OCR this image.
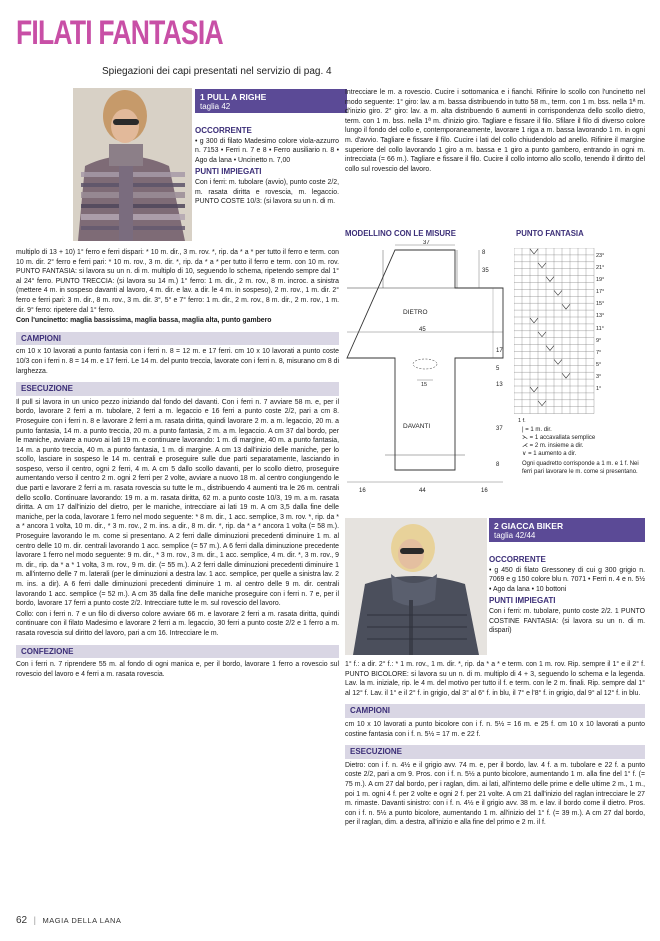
FILATI FANTASIA
Spiegazioni dei capi presentati nel servizio di pag. 4
1 PULL A RIGHE
taglia 42
OCCORRENTE

• g 300 di filato Madesimo colore viola-azzurro n. 7153 • Ferri n. 7 e 8 • Ferro ausiliario n. 8 • Ago da lana • Uncinetto n. 7,00

PUNTI IMPIEGATI

Con i ferri: m. tubolare (avvio), punto coste 2/2, m. rasata diritta e rovescia, m. legaccio. PUNTO COSTE 10/3: (si lavora su un n. di m.

multiplo di 13 + 10) 1° ferro e ferri dispari: * 10 m. dir., 3 m. rov. *, rip. da * a * per tutto il ferro e term. con 10 m. dir. 2° ferro e ferri pari: * 10 m. rov., 3 m. dir. *, rip. da * a * per tutto il ferro e term. con 10 m. rov. PUNTO FANTASIA: si lavora su un n. di m. multiplo di 10, seguendo lo schema, ripetendo sempre dal 1° al 24° ferro. PUNTO TRECCIA: (si lavora su 14 m.) 1° ferro: 1 m. dir., 2 m. rov., 8 m. incroc. a sinistra (mettere 4 m. in sospeso davanti al lavoro, 4 m. dir. e lav. a dir. le 4 m. in sospeso), 2 m. rov., 1 m. dir. 2° ferro e ferri pari: 3 m. dir., 8 m. rov., 3 m. dir. 3°, 5° e 7° ferro: 1 m. dir., 2 m. rov., 8 m. dir., 2 m. rov., 1 m. dir. 9° ferro: ripetere dal 1° ferro.

Con l'uncinetto: maglia bassissima, maglia bassa, maglia alta, punto gambero

CAMPIONI

cm 10 x 10 lavorati a punto fantasia con i ferri n. 8 = 12 m. e 17 ferri. cm 10 x 10 lavorati a punto coste 10/3 con i ferri n. 8 = 14 m. e 17 ferri. Le 14 m. del punto treccia, lavorate con i ferri n. 8, misurano cm 8 di larghezza.

ESECUZIONE

Il pull si lavora in un unico pezzo iniziando dal fondo del davanti. Con i ferri n. 7 avviare 58 m. e, per il bordo, lavorare 2 ferri a m. tubolare, 2 ferri a m. legaccio e 16 ferri a punto coste 2/2, pari a cm 8. Proseguire con i ferri n. 8 e lavorare 2 ferri a m. rasata diritta, quindi lavorare 2 m. a m. legaccio, 20 m. a punto fantasia, 14 m. a punto treccia, 20 m. a punto fantasia, 2 m. a m. legaccio. A cm 37 dal bordo, per le maniche, avviare a nuovo ai lati 19 m. e continuare lavorando: 1 m. di margine, 40 m. a punto fantasia, 14 m. a punto treccia, 40 m. a punto fantasia, 1 m. di margine. A cm 13 dall'inizio delle maniche, per lo scollo, lasciare in sospeso le 14 m. centrali e proseguire sulle due parti separatamente, lasciando in sospeso, verso il centro, ogni 2 ferri, 4 m. A cm 5 dallo scollo davanti, per lo scollo dietro, proseguire aumentando verso il centro 2 m. ogni 2 ferri per 2 volte, avviare a nuovo 18 m. al centro congiungendo le due parti e lavorare 2 ferri a m. rasata rovescia su tutte le m., distribuendo 4 aumenti tra le 26 m. centrali dello scollo. Continuare lavorando: 19 m. a m. rasata diritta, 62 m. a punto coste 10/3, 19 m. a m. rasata diritta. A cm 17 dall'inizio del dietro, per le maniche, intrecciare ai lati 19 m. A cm 3,5 dalla fine delle maniche, per la coda, lavorare 1 ferro nel modo seguente: * 8 m. dir., 1 acc. semplice, 3 m. rov. *, rip. da * a * ancora 1 volta, 10 m. dir., * 3 m. rov., 2 m. ins. a dir., 8 m. dir. *, rip. da * a * ancora 1 volta (= 58 m.). Proseguire lavorando le m. come si presentano. A 2 ferri dalle diminuzioni precedenti diminuire 1 m. al centro delle 10 m. dir. centrali lavorando 1 acc. semplice (= 57 m.). A 6 ferri dalla diminuzione precedente lavorare 1 ferro nel modo seguente: 9 m. dir., * 3 m. rov., 3 m. dir., 1 acc. semplice, 4 m. dir. *, 3 m. rov., 9 m. dir., rip. da * a * 1 volta, 3 m. rov., 9 m. dir. (= 55 m.). A 2 ferri dalle diminuzioni precedenti diminuire 1 m. all'interno delle 7 m. laterali (per le diminuzioni a destra lav. 1 acc. semplice, per quelle a sinistra lav. 2 m. ins. a dir). A 6 ferri dalle diminuzioni precedenti diminuire 1 m. al centro delle 9 m. dir. centrali lavorando 1 acc. semplice (= 52 m.). A cm 35 dalla fine delle maniche proseguire con i ferri n. 7 e, per il bordo, lavorare 17 ferri a punto coste 2/2. Intrecciare tutte le m. sul rovescio del lavoro.

Collo: con i ferri n. 7 e un filo di diverso colore avviare 66 m. e lavorare 2 ferri a m. rasata diritta, quindi continuare con il filato Madesimo e lavorare 2 ferri a m. legaccio, 30 ferri a punto coste 2/2 e 1 ferro a m. rasata rovescia sul diritto del lavoro, pari a cm 16. Intrecciare le m.

CONFEZIONE

Con i ferri n. 7 riprendere 55 m. al fondo di ogni manica e, per il bordo, lavorare 1 ferro a rovescio sul rovescio del lavoro e 4 ferri a m. rasata rovescia.

Intrecciare le m. a rovescio. Cucire i sottomanica e i fianchi. Rifinire lo scollo con l'uncinetto nel modo seguente: 1° giro: lav. a m. bassa distribuendo in tutto 58 m., term. con 1 m. bss. nella 1ª m. d'inizio giro. 2° giro: lav. a m. alta distribuendo 6 aumenti in corrispondenza dello scollo dietro, term. con 1 m. bss. nella 1ª m. d'inizio giro. Tagliare e fissare il filo. Sfilare il filo di diverso colore lungo il fondo del collo e, contemporaneamente, lavorare 1 riga a m. bassa lavorando 1 m. in ogni m. d'avvio. Tagliare e fissare il filo. Cucire i lati del collo chiudendolo ad anello. Rifinire il margine superiore del collo lavorando 1 giro a m. bassa e 1 giro a punto gambero, entrando in ogni m. intrecciata (= 66 m.). Tagliare e fissare il filo. Cucire il collo intorno allo scollo, tenendo il diritto del collo sul rovescio del lavoro.

MODELLINO CON LE MISURE
37
35
8
45
DIETRO
15
17
5
13
37
8
DAVANTI
16	44	16
PUNTO FANTASIA
23°
21°
19°
17°
15°
13°
11°
9°
7°
5°
3°
1°
1 f.
| = 1 m. dir.
⋋ = 1 accavallata semplice
⋌ = 2 m. insieme a dir.
∨ = 1 aumento a dir.
Ogni quadretto corrisponde a 1 m. e 1 f. Nei ferri pari lavorare le m. come si presentano.
2 GIACCA BIKER
taglia 42/44
OCCORRENTE

• g 450 di filato Gressoney di cui g 300 grigio n. 7069 e g 150 colore blu n. 7071 • Ferri n. 4 e n. 5½ • Ago da lana • 10 bottoni

PUNTI IMPIEGATI

Con i ferri: m. tubolare, punto coste 2/2. 1 PUNTO COSTINE FANTASIA: (si lavora su un n. di m. dispari)

1° f.: a dir. 2° f.: * 1 m. rov., 1 m. dir. *, rip. da * a * e term. con 1 m. rov. Rip. sempre il 1° e il 2° f. PUNTO BICOLORE: si lavora su un n. di m. multiplo di 4 + 3, seguendo lo schema e la legenda. Lav. la m. iniziale, rip. le 4 m. del motivo per tutto il f. e term. con le 2 m. finali. Rip. sempre dal 1° al 12° f. Lav. il 1° e il 2° f. in grigio, dal 3° al 6° f. in blu, il 7° e l'8° f. in grigio, dal 9° al 12° f. in blu.

CAMPIONI

cm 10 x 10 lavorati a punto bicolore con i f. n. 5½ = 16 m. e 25 f. cm 10 x 10 lavorati a punto costine fantasia con i f. n. 5½ = 17 m. e 22 f.

ESECUZIONE

Dietro: con i f. n. 4½ e il grigio avv. 74 m. e, per il bordo, lav. 4 f. a m. tubolare e 22 f. a punto coste 2/2, pari a cm 9. Pros. con i f. n. 5½ a punto bicolore, aumentando 1 m. alla fine del 1° f. (= 75 m.). A cm 27 dal bordo, per i raglan, dim. ai lati, all'interno delle prime e delle ultime 2 m., 1 m., poi 1 m. ogni 4 f. per 2 volte e ogni 2 f. per 21 volte. A cm 21 dall'inizio del raglan intrecciare le 27 m. rimaste. Davanti sinistro: con i f. n. 4½ e il grigio avv. 38 m. e lav. il bordo come il dietro. Pros. con i f. n. 5½ a punto bicolore, aumentando 1 m. all'inizio del 1° f. (= 39 m.). A cm 27 dal bordo, per il raglan, dim. a destra, all'inizio e alla fine del primo e 2 m. il f.

62 | MAGIA DELLA LANA
